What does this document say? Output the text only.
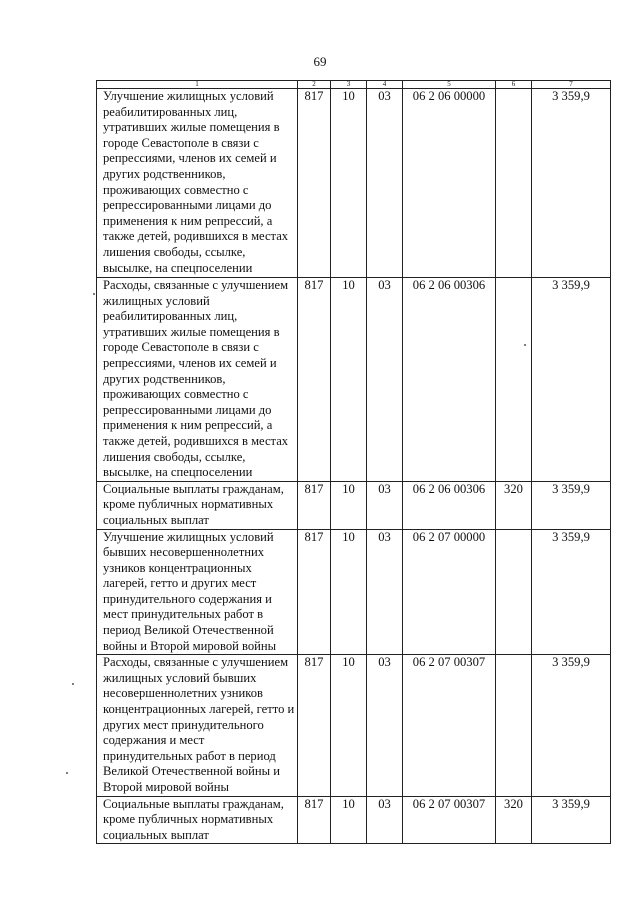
69
1	2	3	4	5	6	7
Улучшение жилищных условий реабилитированных лиц, утративших жилые помещения в городе Севастополе в связи с репрессиями, членов их семей и других родственников, проживающих совместно с репрессированными лицами до применения к ним репрессий, а также детей, родившихся в местах лишения свободы, ссылке, высылке, на спецпоселении	817	10	03	06 2 06 00000		3 359,9
Расходы, связанные с улучшением жилищных условий реабилитированных лиц, утративших жилые помещения в городе Севастополе в связи с репрессиями, членов их семей и других родственников, проживающих совместно с репрессированными лицами до применения к ним репрессий, а также детей, родившихся в местах лишения свободы, ссылке, высылке, на спецпоселении	817	10	03	06 2 06 00306		3 359,9
Социальные выплаты гражданам, кроме публичных нормативных социальных выплат	817	10	03	06 2 06 00306	320	3 359,9
Улучшение жилищных условий бывших несовершеннолетних узников концентрационных лагерей, гетто и других мест принудительного содержания и мест принудительных работ в период Великой Отечественной войны и Второй мировой войны	817	10	03	06 2 07 00000		3 359,9
Расходы, связанные с улучшением жилищных условий бывших несовершеннолетних узников концентрационных лагерей, гетто и других мест принудительного содержания и мест принудительных работ в период Великой Отечественной войны и Второй мировой войны	817	10	03	06 2 07 00307		3 359,9
Социальные выплаты гражданам, кроме публичных нормативных социальных выплат	817	10	03	06 2 07 00307	320	3 359,9
